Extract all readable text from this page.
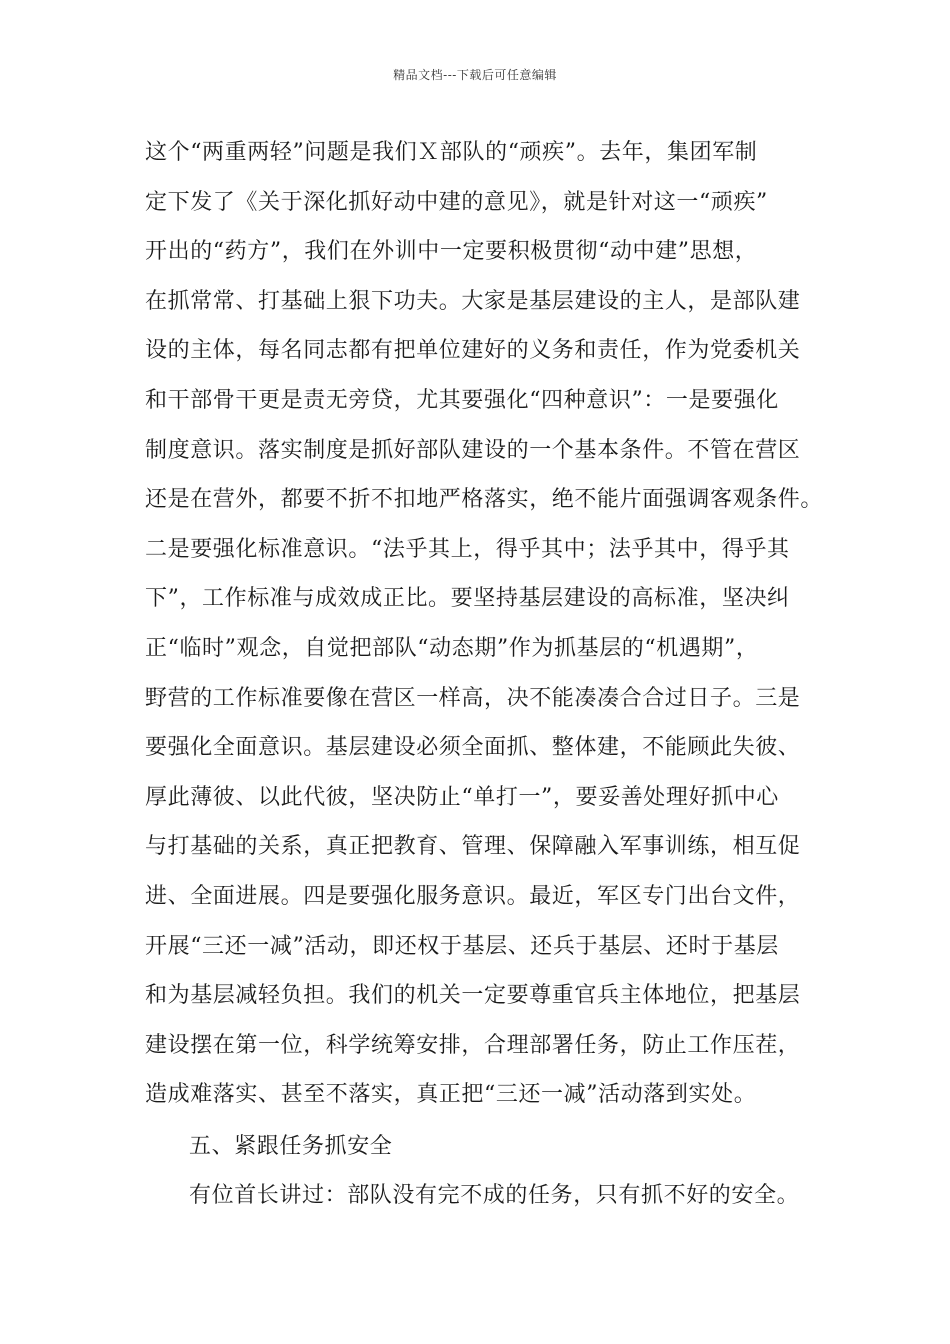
精品文档---下载后可任意编辑
这个“两重两轻”问题是我们Ｘ部队的“顽疾”。去年，集团军制
定下发了《关于深化抓好动中建的意见》，就是针对这一“顽疾”
开出的“药方”，我们在外训中一定要积极贯彻“动中建”思想，
在抓常常、打基础上狠下功夫。大家是基层建设的主人，是部队建
设的主体，每名同志都有把单位建好的义务和责任，作为党委机关
和干部骨干更是责无旁贷，尤其要强化“四种意识”：一是要强化
制度意识。落实制度是抓好部队建设的一个基本条件。不管在营区
还是在营外，都要不折不扣地严格落实，绝不能片面强调客观条件。
二是要强化标准意识。“法乎其上，得乎其中；法乎其中，得乎其
下”，工作标准与成效成正比。要坚持基层建设的高标准，坚决纠
正“临时”观念，自觉把部队“动态期”作为抓基层的“机遇期”，
野营的工作标准要像在营区一样高，决不能凑凑合合过日子。三是
要强化全面意识。基层建设必须全面抓、整体建，不能顾此失彼、
厚此薄彼、以此代彼，坚决防止“单打一”，要妥善处理好抓中心
与打基础的关系，真正把教育、管理、保障融入军事训练，相互促
进、全面进展。四是要强化服务意识。最近，军区专门出台文件，
开展“三还一减”活动，即还权于基层、还兵于基层、还时于基层
和为基层减轻负担。我们的机关一定要尊重官兵主体地位，把基层
建设摆在第一位，科学统筹安排，合理部署任务，防止工作压茬，
造成难落实、甚至不落实，真正把“三还一减”活动落到实处。
五、紧跟任务抓安全
有位首长讲过：部队没有完不成的任务，只有抓不好的安全。
